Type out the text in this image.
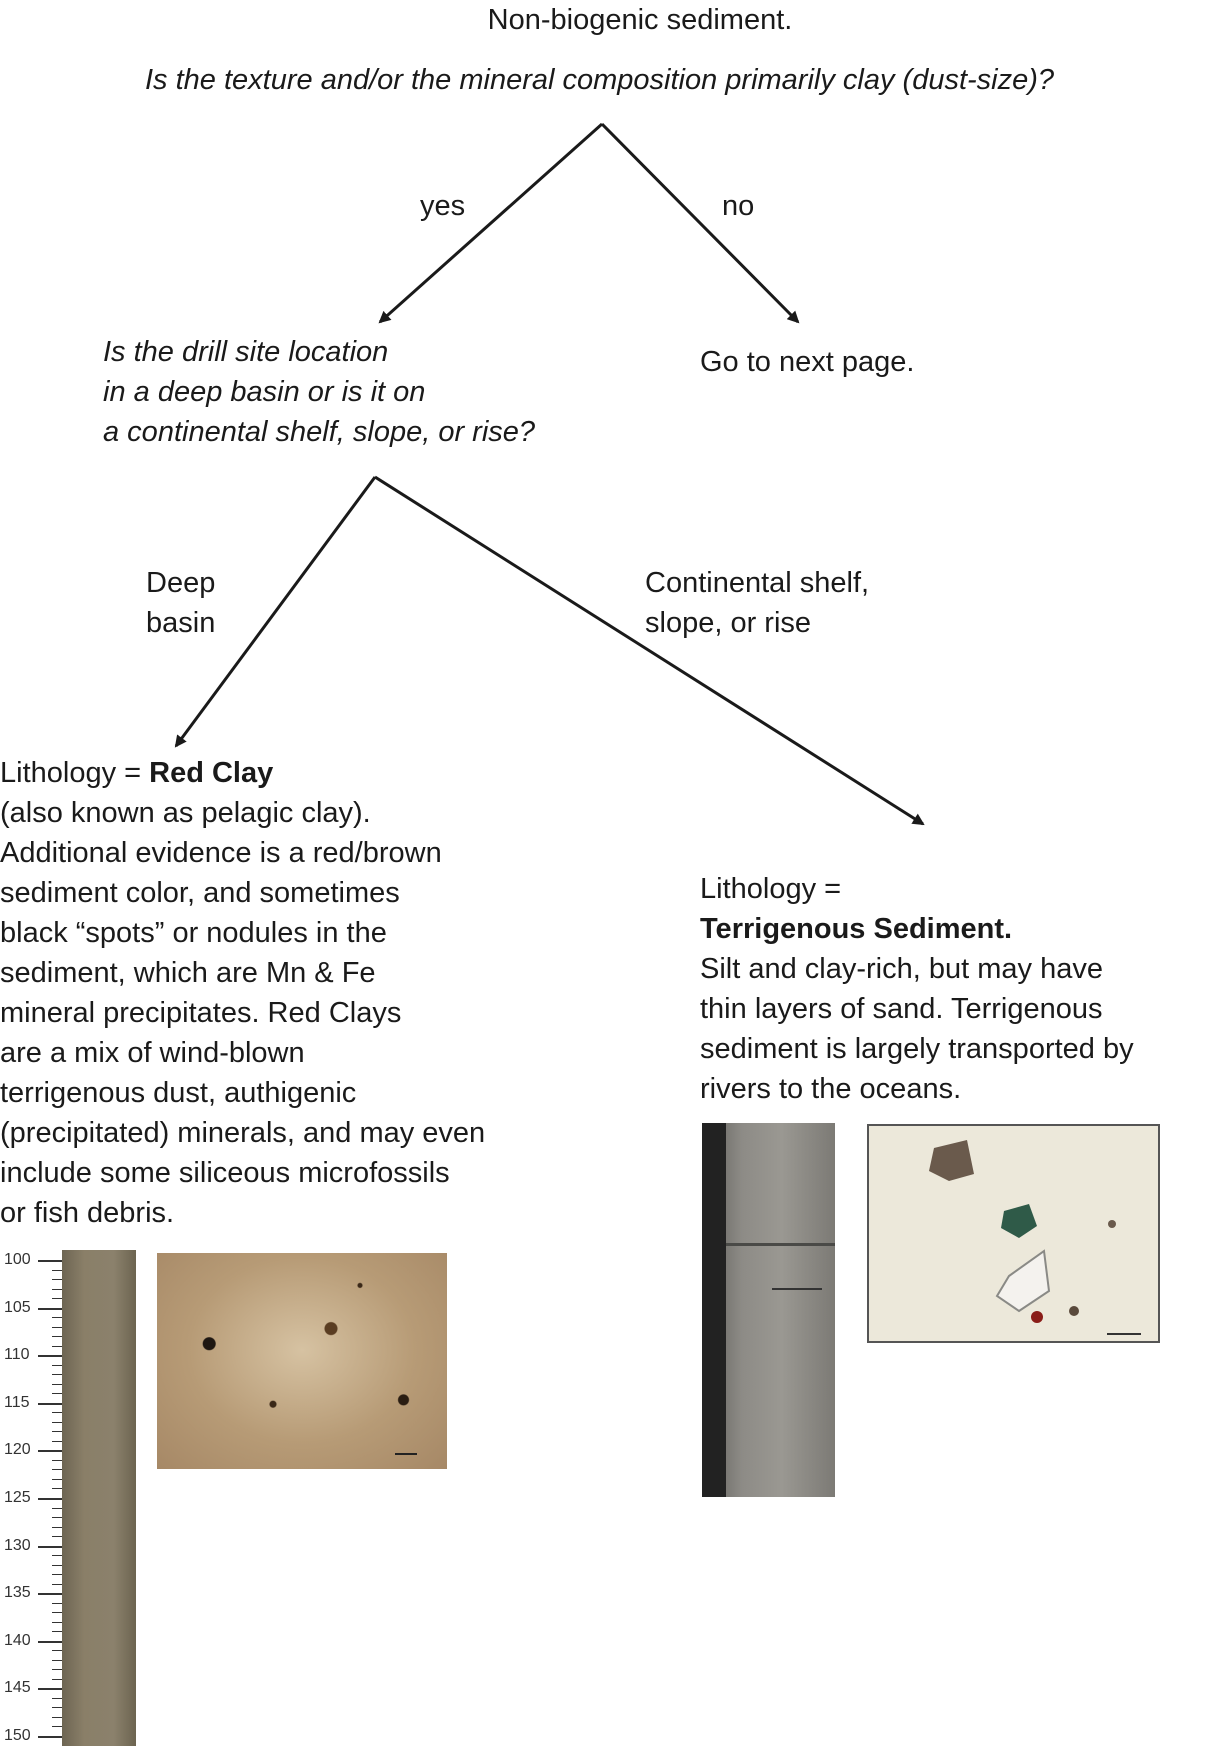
Non-biogenic sediment.
Is the texture and/or the mineral composition primarily clay (dust-size)?
yes	no
Go to next page.
Is the drill site location
in a deep basin or is it on
a continental shelf, slope, or rise?
Deep
basin
Continental shelf,
slope, or rise
Lithology = Red Clay
(also known as pelagic clay).
Additional evidence is a red/brown
sediment color, and sometimes
black “spots” or nodules in the
sediment, which are Mn & Fe
mineral precipitates. Red Clays
are a mix of wind-blown
terrigenous dust, authigenic
(precipitated) minerals, and may even
include some siliceous microfossils
or fish debris.
Lithology =
Terrigenous Sediment.
Silt and clay-rich, but may have
thin layers of sand. Terrigenous
sediment is largely transported by
rivers to the oceans.
100
105
110
115
120
125
130
135
140
145
150
